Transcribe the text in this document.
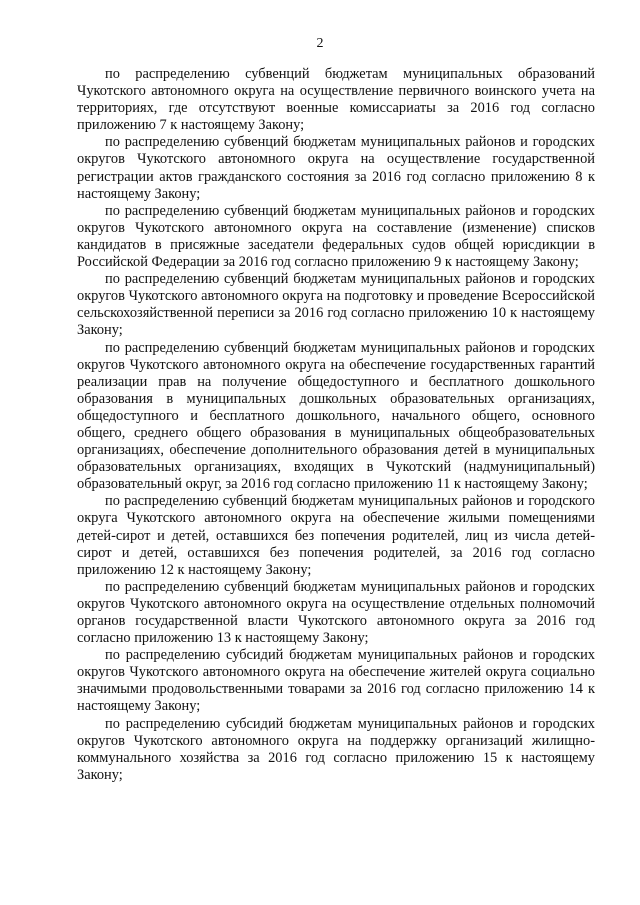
2

по распределению субвенций бюджетам муниципальных образований Чукотского автономного округа на осуществление первичного воинского учета на территориях, где отсутствуют военные комиссариаты за 2016 год согласно приложению 7 к настоящему Закону;

по распределению субвенций бюджетам муниципальных районов и городских округов Чукотского автономного округа на осуществление государственной регистрации актов гражданского состояния за 2016 год согласно приложению 8 к настоящему Закону;

по распределению субвенций бюджетам муниципальных районов и городских округов Чукотского автономного округа на составление (изменение) списков кандидатов в присяжные заседатели федеральных судов общей юрисдикции в Российской Федерации за 2016 год согласно приложению 9 к настоящему Закону;

по распределению субвенций бюджетам муниципальных районов и городских округов Чукотского автономного округа на подготовку и проведение Всероссийской сельскохозяйственной переписи за 2016 год согласно приложению 10 к настоящему Закону;

по распределению субвенций бюджетам муниципальных районов и городских округов Чукотского автономного округа на обеспечение государственных гарантий реализации прав на получение общедоступного и бесплатного дошкольного образования в муниципальных дошкольных образовательных организациях, общедоступного и бесплатного дошкольного, начального общего, основного общего, среднего общего образования в муниципальных общеобразовательных организациях, обеспечение дополнительного образования детей в муниципальных образовательных организациях, входящих в Чукотский (надмуниципальный) образовательный округ, за 2016 год согласно приложению 11 к настоящему Закону;

по распределению субвенций бюджетам муниципальных районов и городского округа Чукотского автономного округа на обеспечение жилыми помещениями детей-сирот и детей, оставшихся без попечения родителей, лиц из числа детей-сирот и детей, оставшихся без попечения родителей, за 2016 год согласно приложению 12 к настоящему Закону;

по распределению субвенций бюджетам муниципальных районов и городских округов Чукотского автономного округа на осуществление отдельных полномочий органов государственной власти Чукотского автономного округа за 2016 год согласно приложению 13 к настоящему Закону;

по распределению субсидий бюджетам муниципальных районов и городских округов Чукотского автономного округа на обеспечение жителей округа социально значимыми продовольственными товарами за 2016 год согласно приложению 14 к настоящему Закону;

по распределению субсидий бюджетам муниципальных районов и городских округов Чукотского автономного округа на поддержку организаций жилищно-коммунального хозяйства за 2016 год согласно приложению 15 к настоящему Закону;
